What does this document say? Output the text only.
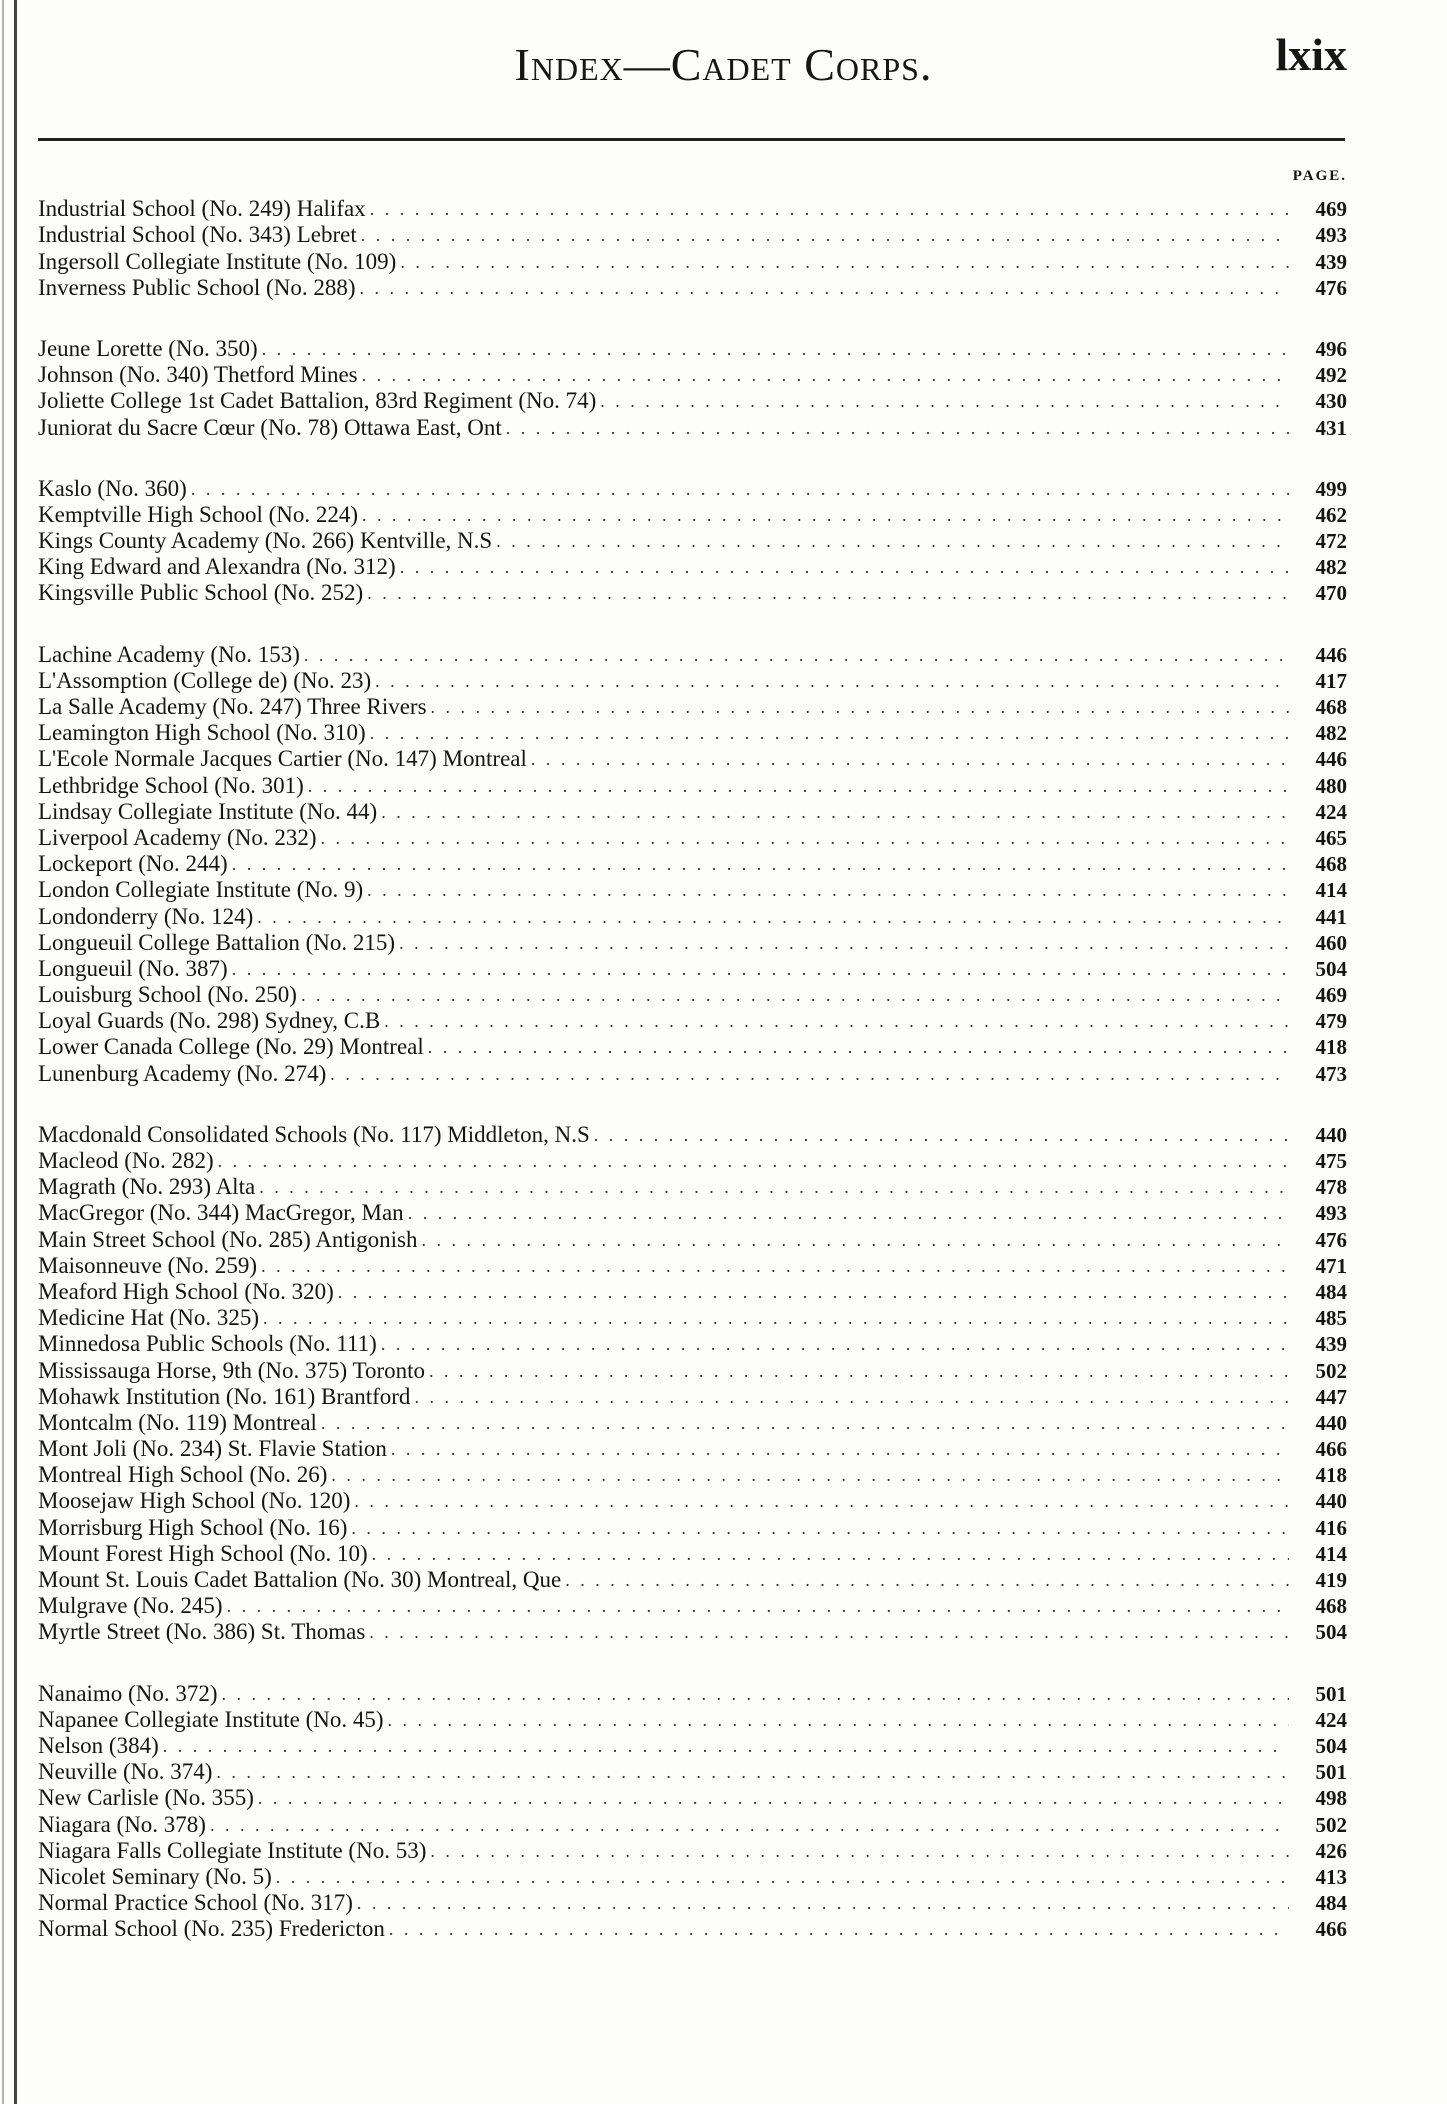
Index—Cadet Corps.	lxix
PAGE.
Industrial School (No. 249) Halifax . . .	469
Industrial School (No. 343) Lebret . . .	493
Ingersoll Collegiate Institute (No. 109) . . .	439
Inverness Public School (No. 288) . . .	476
Jeune Lorette (No. 350) . . .	496
Johnson (No. 340) Thetford Mines . . .	492
Joliette College 1st Cadet Battalion, 83rd Regiment (No. 74) . . .	430
Juniorat du Sacre Cœur (No. 78) Ottawa East, Ont . . .	431
Kaslo (No. 360) . . .	499
Kemptville High School (No. 224) . . .	462
Kings County Academy (No. 266) Kentville, N.S . . .	472
King Edward and Alexandra (No. 312) . . .	482
Kingsville Public School (No. 252) . . .	470
Lachine Academy (No. 153) . . .	446
L'Assomption (College de) (No. 23) . . .	417
La Salle Academy (No. 247) Three Rivers . . .	468
Leamington High School (No. 310) . . .	482
L'Ecole Normale Jacques Cartier (No. 147) Montreal . . .	446
Lethbridge School (No. 301) . . .	480
Lindsay Collegiate Institute (No. 44) . . .	424
Liverpool Academy (No. 232) . . .	465
Lockeport (No. 244) . . .	468
London Collegiate Institute (No. 9) . . .	414
Londonderry (No. 124) . . .	441
Longueuil College Battalion (No. 215) . . .	460
Longueuil (No. 387) . . .	504
Louisburg School (No. 250) . . .	469
Loyal Guards (No. 298) Sydney, C.B . . .	479
Lower Canada College (No. 29) Montreal . . .	418
Lunenburg Academy (No. 274) . . .	473
Macdonald Consolidated Schools (No. 117) Middleton, N.S . . .	440
Macleod (No. 282) . . .	475
Magrath (No. 293) Alta . . .	478
MacGregor (No. 344) MacGregor, Man . . .	493
Main Street School (No. 285) Antigonish . . .	476
Maisonneuve (No. 259) . . .	471
Meaford High School (No. 320) . . .	484
Medicine Hat (No. 325) . . .	485
Minnedosa Public Schools (No. 111) . . .	439
Mississauga Horse, 9th (No. 375) Toronto . . .	502
Mohawk Institution (No. 161) Brantford . . .	447
Montcalm (No. 119) Montreal . . .	440
Mont Joli (No. 234) St. Flavie Station . . .	466
Montreal High School (No. 26) . . .	418
Moosejaw High School (No. 120) . . .	440
Morrisburg High School (No. 16) . . .	416
Mount Forest High School (No. 10) . . .	414
Mount St. Louis Cadet Battalion (No. 30) Montreal, Que . . .	419
Mulgrave (No. 245) . . .	468
Myrtle Street (No. 386) St. Thomas . . .	504
Nanaimo (No. 372) . . .	501
Napanee Collegiate Institute (No. 45) . . .	424
Nelson (384) . . .	504
Neuville (No. 374) . . .	501
New Carlisle (No. 355) . . .	498
Niagara (No. 378) . . .	502
Niagara Falls Collegiate Institute (No. 53) . . .	426
Nicolet Seminary (No. 5) . . .	413
Normal Practice School (No. 317) . . .	484
Normal School (No. 235) Fredericton . . .	466
